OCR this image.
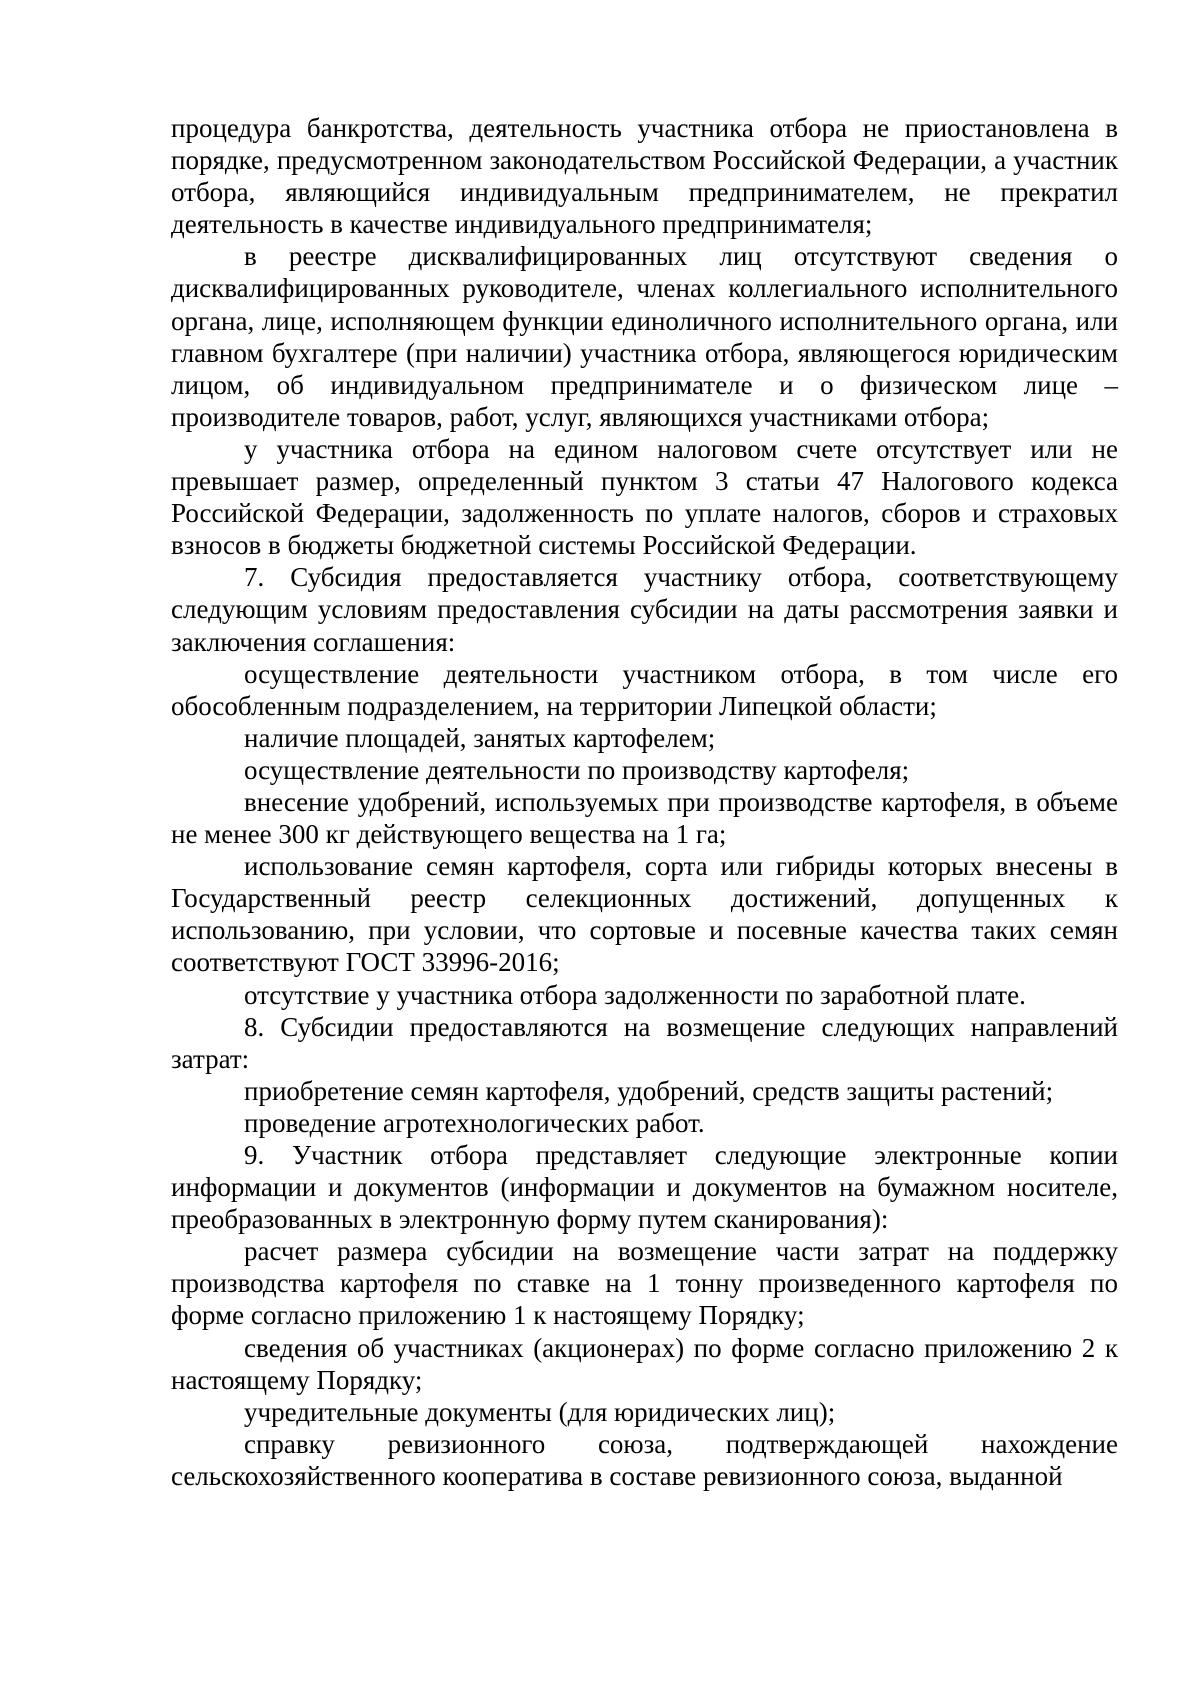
процедура банкротства, деятельность участника отбора не приостановлена в порядке, предусмотренном законодательством Российской Федерации, а участник отбора, являющийся индивидуальным предпринимателем, не прекратил деятельность в качестве индивидуального предпринимателя;

в реестре дисквалифицированных лиц отсутствуют сведения о дисквалифицированных руководителе, членах коллегиального исполнительного органа, лице, исполняющем функции единоличного исполнительного органа, или главном бухгалтере (при наличии) участника отбора, являющегося юридическим лицом, об индивидуальном предпринимателе и о физическом лице – производителе товаров, работ, услуг, являющихся участниками отбора;

у участника отбора на едином налоговом счете отсутствует или не превышает размер, определенный пунктом 3 статьи 47 Налогового кодекса Российской Федерации, задолженность по уплате налогов, сборов и страховых взносов в бюджеты бюджетной системы Российской Федерации.

7. Субсидия предоставляется участнику отбора, соответствующему следующим условиям предоставления субсидии на даты рассмотрения заявки и заключения соглашения:

осуществление деятельности участником отбора, в том числе его обособленным подразделением, на территории Липецкой области;

наличие площадей, занятых картофелем;

осуществление деятельности по производству картофеля;

внесение удобрений, используемых при производстве картофеля, в объеме не менее 300 кг действующего вещества на 1 га;

использование семян картофеля, сорта или гибриды которых внесены в Государственный реестр селекционных достижений, допущенных к использованию, при условии, что сортовые и посевные качества таких семян соответствуют ГОСТ 33996-2016;

отсутствие у участника отбора задолженности по заработной плате.

8. Субсидии предоставляются на возмещение следующих направлений затрат:

приобретение семян картофеля, удобрений, средств защиты растений;

проведение агротехнологических работ.

9. Участник отбора представляет следующие электронные копии информации и документов (информации и документов на бумажном носителе, преобразованных в электронную форму путем сканирования):

расчет размера субсидии на возмещение части затрат на поддержку производства картофеля по ставке на 1 тонну произведенного картофеля по форме согласно приложению 1 к настоящему Порядку;

сведения об участниках (акционерах) по форме согласно приложению 2 к настоящему Порядку;

учредительные документы (для юридических лиц);

справку ревизионного союза, подтверждающей нахождение сельскохозяйственного кооператива в составе ревизионного союза, выданной
